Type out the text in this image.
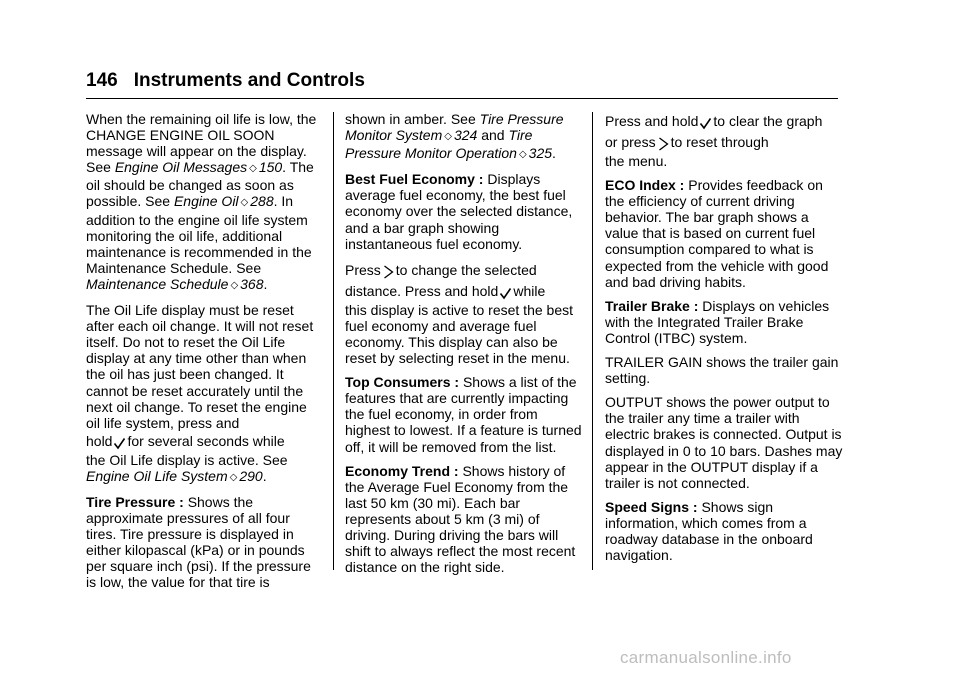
146 Instruments and Controls

When the remaining oil life is low, the CHANGE ENGINE OIL SOON message will appear on the display. See Engine Oil Messages ◇ 150. The oil should be changed as soon as possible. See Engine Oil ◇ 288. In addition to the engine oil life system monitoring the oil life, additional maintenance is recommended in the Maintenance Schedule. See Maintenance Schedule ◇ 368.

The Oil Life display must be reset after each oil change. It will not reset itself. Do not to reset the Oil Life display at any time other than when the oil has just been changed. It cannot be reset accurately until the next oil change. To reset the engine oil life system, press and
hold for several seconds while
the Oil Life display is active. See Engine Oil Life System ◇ 290.

Tire Pressure : Shows the approximate pressures of all four tires. Tire pressure is displayed in either kilopascal (kPa) or in pounds per square inch (psi). If the pressure is low, the value for that tire is

shown in amber. See Tire Pressure Monitor System ◇ 324 and Tire Pressure Monitor Operation ◇ 325.

Best Fuel Economy : Displays average fuel economy, the best fuel economy over the selected distance, and a bar graph showing instantaneous fuel economy.

Press to change the selected
distance. Press and hold while
this display is active to reset the best fuel economy and average fuel economy. This display can also be reset by selecting reset in the menu.

Top Consumers : Shows a list of the features that are currently impacting the fuel economy, in order from highest to lowest. If a feature is turned off, it will be removed from the list.

Economy Trend : Shows history of the Average Fuel Economy from the last 50 km (30 mi). Each bar represents about 5 km (3 mi) of driving. During driving the bars will shift to always reflect the most recent distance on the right side.

Press and hold to clear the graph
or press to reset through
the menu.

ECO Index : Provides feedback on the efficiency of current driving behavior. The bar graph shows a value that is based on current fuel consumption compared to what is expected from the vehicle with good and bad driving habits.

Trailer Brake : Displays on vehicles with the Integrated Trailer Brake Control (ITBC) system.

TRAILER GAIN shows the trailer gain setting.

OUTPUT shows the power output to the trailer any time a trailer with electric brakes is connected. Output is displayed in 0 to 10 bars. Dashes may appear in the OUTPUT display if a trailer is not connected.

Speed Signs : Shows sign information, which comes from a roadway database in the onboard navigation.

carmanualsonline.info
